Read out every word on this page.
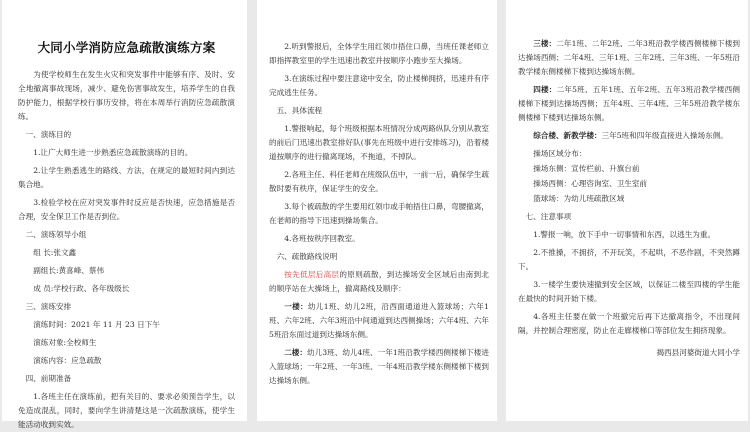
大同小学消防应急疏散演练方案

为使学校师生在发生火灾和突发事件中能够有序、及时、安全地撤离事故现场，减少、避免伤害事故发生，培养学生的自我防护能力，根据学校行事历安排，将在本周举行消防应急疏散演练。

一、演练目的

1.让广大师生进一步熟悉应急疏散演练的目的。

2.让学生熟悉逃生的路线、方法，在规定的最短时间内到达集合地。

3.检验学校在应对突发事件时反应是否快速，应急措施是否合理，安全保卫工作是否到位。

二、演练领导小组

组 长:张文鑫

副组长:黄喜峰、蔡伟

成 员:学校行政、各年级级长

三、演练安排

演练时间：2021 年 11 月 23 日下午

演练对象:全校师生

演练内容：应急疏散

四、前期准备

1.各班主任在演练前，把有关目的、要求必须预告学生，以免造成混乱，同时，要向学生讲清楚这是一次疏散演练，使学生能活动收到实效。

2.听到警报后，全体学生用红领巾捂住口鼻，当班任课老师立即指挥教室里的学生迅速出教室并按顺序小跑步至大操场。

3.在演练过程中要注意途中安全，防止楼梯拥挤，迅速并有序完成逃生任务。

五、具体流程

1.警报响起，每个班级根据本班情况分成两路纵队分别从教室的前后门迅速出教室排好队(事先在班级中进行安排练习)，沿着楼道按顺序的进行撤离现场，不拖道，不掉队。

2.各班主任、科任老师在班级队伍中，一前一后，确保学生疏散时要有秩序，保证学生的安全。

3.每个被疏散的学生要用红领巾或手帕捂住口鼻，弯腰撤离，在老师的指导下迅速到操场集合。

4.各班按秩序回教室。

六、疏散路线说明

按先低层后高层的原则疏散，到达操场安全区域后由南到北的顺序站在大操场上，撤离路线及顺序：

一楼：幼儿1班、幼儿2班，沿西面通道进入篮球场；六年1班、六年2班、六年3班沿中间通道到达西侧操场；六年4班、六年5班沿东面过道到达操场东侧。

二楼：幼儿3班、幼儿4班、一年1班沿教学楼西侧楼梯下楼进入篮球场；一年2班、一年3班、一年4班沿教学楼东侧楼梯下楼到达操场东侧。

三楼：二年1班、二年2班、二年3班沿教学楼西侧楼梯下楼到达操场西侧；二年4班、三年1班、三年2班、三年3班、一年5班沿教学楼东侧楼梯下楼到达操场东侧。

四楼：二年5班、五年1班、五年2班、五年3班沿教学楼西侧楼梯下楼到达操场西侧；五年4班、三年4班、三年5班沿教学楼东侧楼梯下楼到达操场东侧。

综合楼、新教学楼：三年5班和四年级直接进入操场东侧。

操场区域分布：

操场东侧：宣传栏前、升旗台前

操场西侧：心理咨询室、卫生室前

篮球场：为幼儿班疏散区域

七、注意事项

1.警报一响，放下手中一切事情和东西，以逃生为重。

2.不推搡，不拥挤，不开玩笑，不起哄，不恶作剧，不突然蹲下。

3.一楼学生要快速撤到安全区域，以保证二楼至四楼的学生能在最快的时间开始下楼。

4.各班主任要在做一个班撤完后再下达撤离指令，不出现间隔，并控制合理密度，防止在走廊楼梯口等部位发生拥挤现象。

揭西县河婆街道大同小学
